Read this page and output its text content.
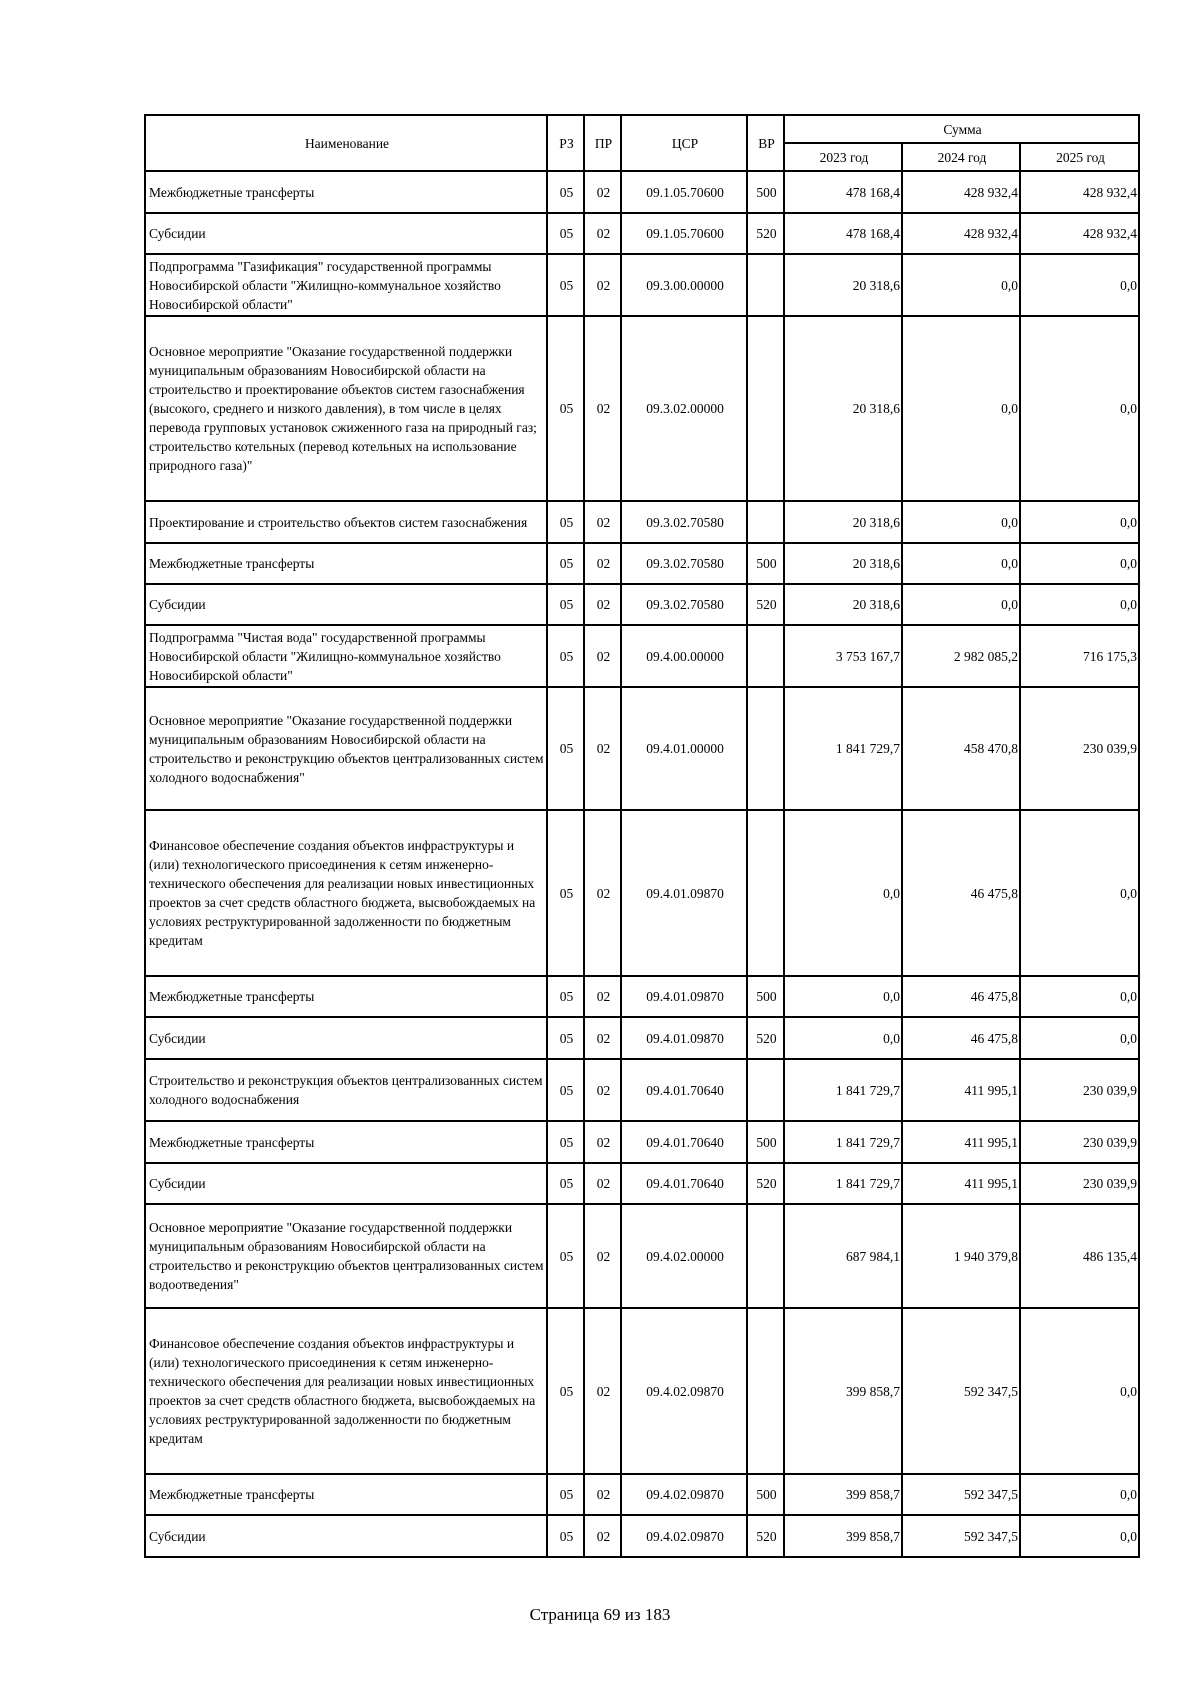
Наименование	РЗ	ПР	ЦСР	ВР	Сумма		
					2023 год	2024 год	2025 год
Межбюджетные трансферты	05	02	09.1.05.70600	500	478 168,4	428 932,4	428 932,4
Субсидии	05	02	09.1.05.70600	520	478 168,4	428 932,4	428 932,4
Подпрограмма "Газификация" государственной программы Новосибирской области "Жилищно-коммунальное хозяйство Новосибирской области"	05	02	09.3.00.00000		20 318,6	0,0	0,0
Основное мероприятие "Оказание государственной поддержки муниципальным образованиям Новосибирской области на строительство и проектирование объектов систем газоснабжения (высокого, среднего и низкого давления), в том числе в целях перевода групповых установок сжиженного газа на природный газ; строительство котельных (перевод котельных на использование природного газа)"	05	02	09.3.02.00000		20 318,6	0,0	0,0
Проектирование и строительство объектов систем газоснабжения	05	02	09.3.02.70580		20 318,6	0,0	0,0
Межбюджетные трансферты	05	02	09.3.02.70580	500	20 318,6	0,0	0,0
Субсидии	05	02	09.3.02.70580	520	20 318,6	0,0	0,0
Подпрограмма "Чистая вода" государственной программы Новосибирской области "Жилищно-коммунальное хозяйство Новосибирской области"	05	02	09.4.00.00000		3 753 167,7	2 982 085,2	716 175,3
Основное мероприятие "Оказание государственной поддержки муниципальным образованиям Новосибирской области на строительство и реконструкцию объектов централизованных систем холодного водоснабжения"	05	02	09.4.01.00000		1 841 729,7	458 470,8	230 039,9
Финансовое обеспечение создания объектов инфраструктуры и (или) технологического присоединения к сетям инженерно-технического обеспечения для реализации новых инвестиционных проектов за счет средств областного бюджета, высвобождаемых на условиях реструктурированной задолженности по бюджетным кредитам	05	02	09.4.01.09870		0,0	46 475,8	0,0
Межбюджетные трансферты	05	02	09.4.01.09870	500	0,0	46 475,8	0,0
Субсидии	05	02	09.4.01.09870	520	0,0	46 475,8	0,0
Строительство и реконструкция объектов централизованных систем холодного водоснабжения	05	02	09.4.01.70640		1 841 729,7	411 995,1	230 039,9
Межбюджетные трансферты	05	02	09.4.01.70640	500	1 841 729,7	411 995,1	230 039,9
Субсидии	05	02	09.4.01.70640	520	1 841 729,7	411 995,1	230 039,9
Основное мероприятие "Оказание государственной поддержки муниципальным образованиям Новосибирской области на строительство и реконструкцию объектов централизованных систем водоотведения"	05	02	09.4.02.00000		687 984,1	1 940 379,8	486 135,4
Финансовое обеспечение создания объектов инфраструктуры и (или) технологического присоединения к сетям инженерно-технического обеспечения для реализации новых инвестиционных проектов за счет средств областного бюджета, высвобождаемых на условиях реструктурированной задолженности по бюджетным кредитам	05	02	09.4.02.09870		399 858,7	592 347,5	0,0
Межбюджетные трансферты	05	02	09.4.02.09870	500	399 858,7	592 347,5	0,0
Субсидии	05	02	09.4.02.09870	520	399 858,7	592 347,5	0,0
Страница 69 из 183
